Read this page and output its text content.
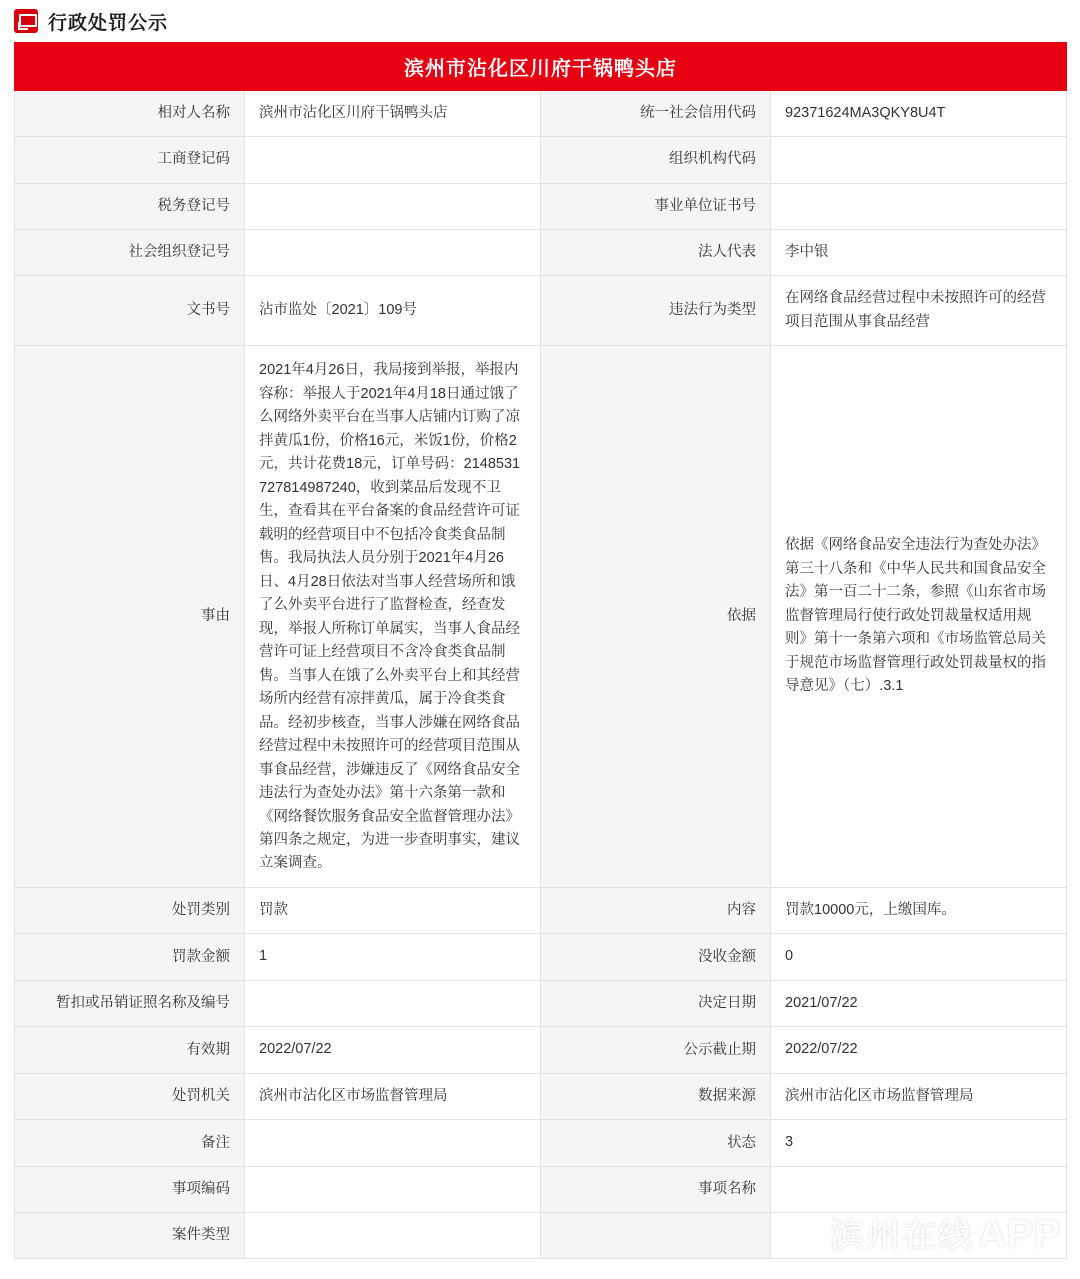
行政处罚公示
滨州市沾化区川府干锅鸭头店			
相对人名称	滨州市沾化区川府干锅鸭头店	统一社会信用代码	92371624MA3QKY8U4T
工商登记码		组织机构代码	
税务登记号		事业单位证书号	
社会组织登记号		法人代表	李中银
文书号	沾市监处〔2021〕109号	违法行为类型	在网络食品经营过程中未按照许可的经营项目范围从事食品经营
事由	2021年4月26日，我局接到举报，举报内容称：举报人于2021年4月18日通过饿了么网络外卖平台在当事人店铺内订购了凉拌黄瓜1份，价格16元，米饭1份，价格2元，共计花费18元，订单号码：2148531727814987240，收到菜品后发现不卫生，查看其在平台备案的食品经营许可证载明的经营项目中不包括冷食类食品制售。我局执法人员分别于2021年4月26日、4月28日依法对当事人经营场所和饿了么外卖平台进行了监督检查，经查发现，举报人所称订单属实，当事人食品经营许可证上经营项目不含冷食类食品制售。当事人在饿了么外卖平台上和其经营场所内经营有凉拌黄瓜，属于冷食类食品。经初步核查，当事人涉嫌在网络食品经营过程中未按照许可的经营项目范围从事食品经营，涉嫌违反了《网络食品安全违法行为查处办法》第十六条第一款和《网络餐饮服务食品安全监督管理办法》第四条之规定，为进一步查明事实，建议立案调查。	依据	依据《网络食品安全违法行为查处办法》第三十八条和《中华人民共和国食品安全法》第一百二十二条，参照《山东省市场监督管理局行使行政处罚裁量权适用规则》第十一条第六项和《市场监管总局关于规范市场监督管理行政处罚裁量权的指导意见》（七）.3.1
处罚类别	罚款	内容	罚款10000元，上缴国库。
罚款金额	1	没收金额	0
暂扣或吊销证照名称及编号		决定日期	2021/07/22
有效期	2022/07/22	公示截止期	2022/07/22
处罚机关	滨州市沾化区市场监督管理局	数据来源	滨州市沾化区市场监督管理局
备注		状态	3
事项编码		事项名称	
案件类型				滨州在线 APP
